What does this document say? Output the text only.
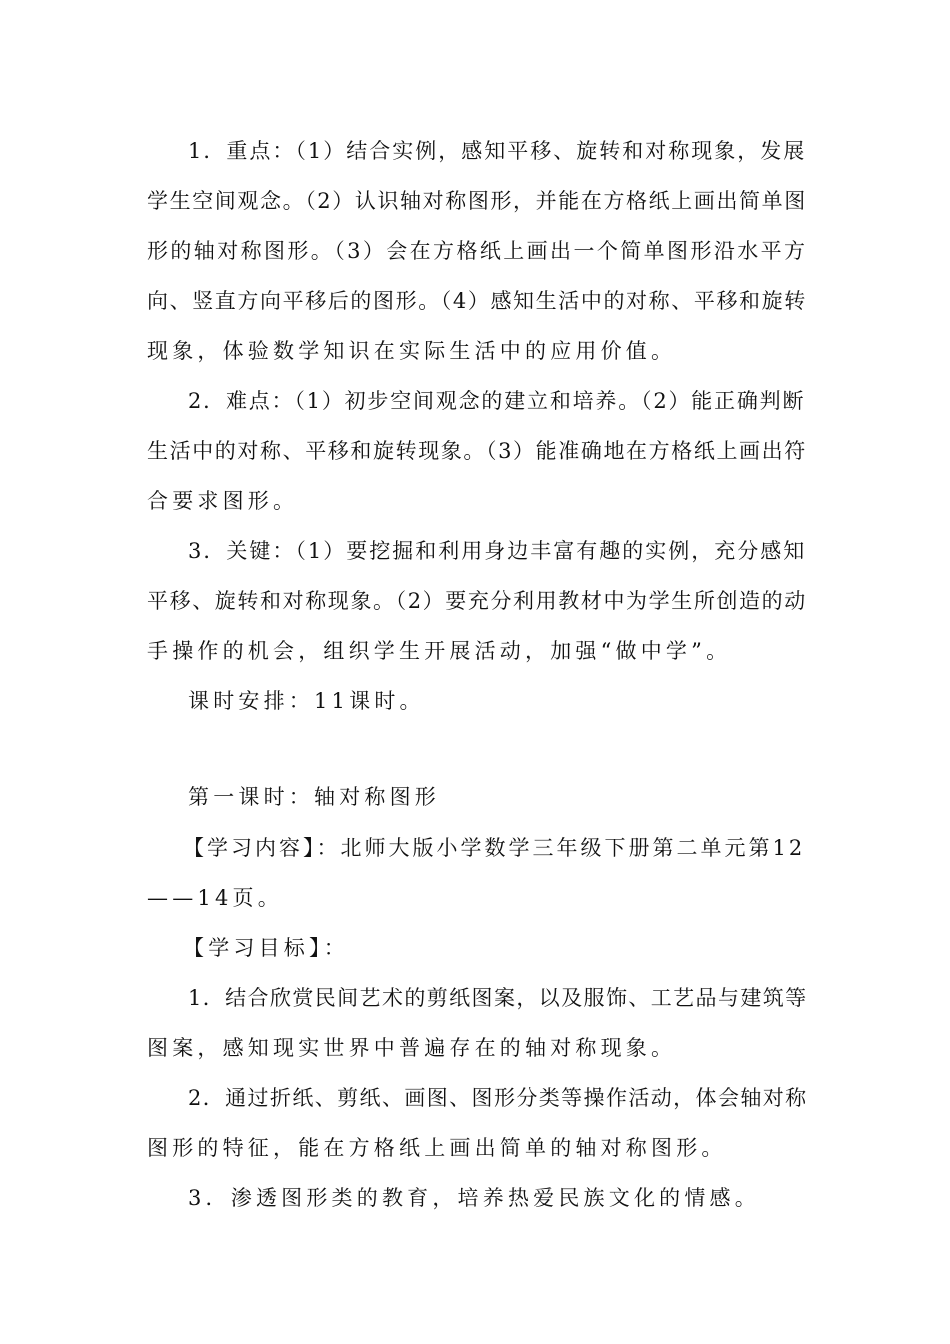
1．重点：（1）结合实例，感知平移、旋转和对称现象，发展
学生空间观念。（2）认识轴对称图形，并能在方格纸上画出简单图
形的轴对称图形。（3）会在方格纸上画出一个简单图形沿水平方
向、竖直方向平移后的图形。（4）感知生活中的对称、平移和旋转
现象，体验数学知识在实际生活中的应用价值。
2．难点：（1）初步空间观念的建立和培养。（2）能正确判断
生活中的对称、平移和旋转现象。（3）能准确地在方格纸上画出符
合要求图形。
3．关键：（1）要挖掘和利用身边丰富有趣的实例，充分感知
平移、旋转和对称现象。（2）要充分利用教材中为学生所创造的动
手操作的机会，组织学生开展活动，加强“做中学”。
课时安排：11课时。
第一课时：轴对称图形
【学习内容】：北师大版小学数学三年级下册第二单元第12
——14页。
【学习目标】：
1．结合欣赏民间艺术的剪纸图案，以及服饰、工艺品与建筑等
图案，感知现实世界中普遍存在的轴对称现象。
2．通过折纸、剪纸、画图、图形分类等操作活动，体会轴对称
图形的特征，能在方格纸上画出简单的轴对称图形。
3．渗透图形类的教育，培养热爱民族文化的情感。
